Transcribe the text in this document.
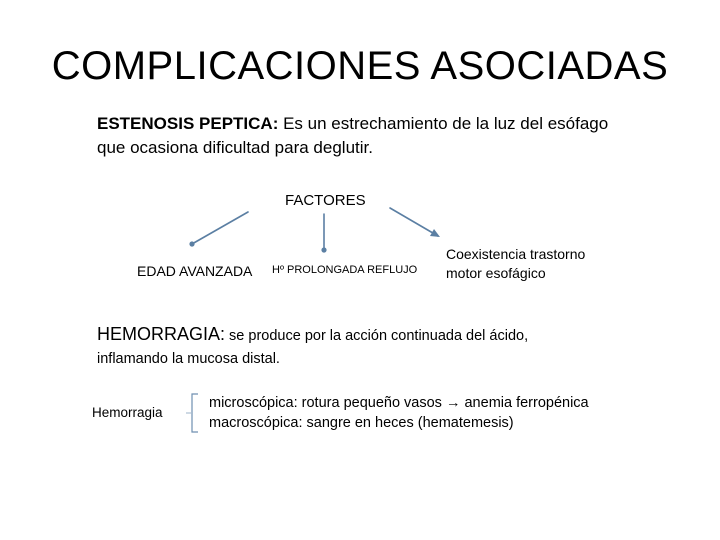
COMPLICACIONES ASOCIADAS
ESTENOSIS PEPTICA: Es un estrechamiento de la luz del esófago
que ocasiona dificultad para deglutir.
FACTORES
EDAD AVANZADA Hº PROLONGADA REFLUJO
Coexistencia trastorno
motor esofágico
HEMORRAGIA: se produce por la acción continuada del ácido,
inflamando la mucosa distal.
Hemorragia
microscópica: rotura pequeño vasos → anemia ferropénica
macroscópica: sangre en heces (hematemesis)
